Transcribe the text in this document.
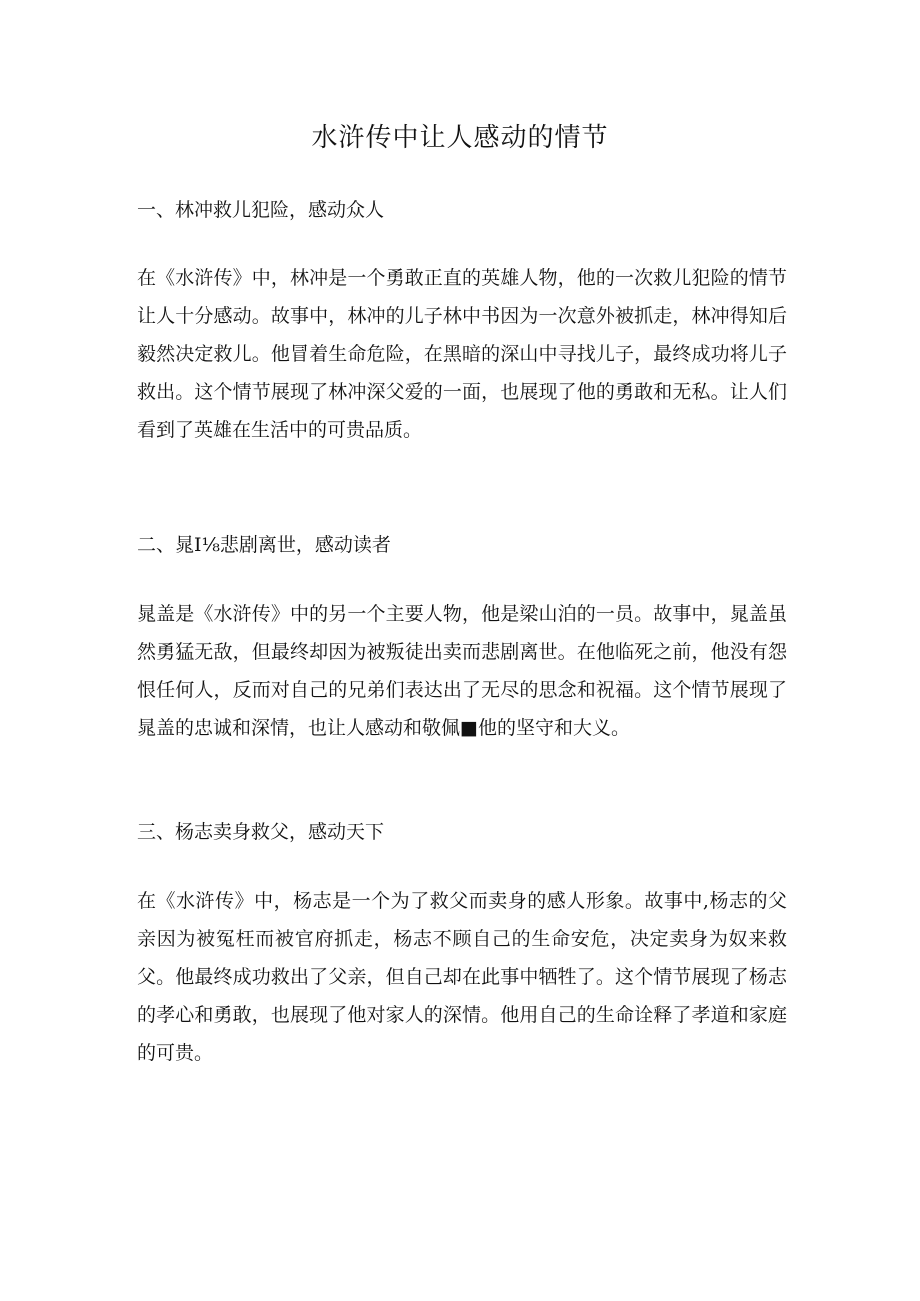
水浒传中让人感动的情节
一、林冲救儿犯险，感动众人

在《水浒传》中，林冲是一个勇敢正直的英雄人物，他的一次救儿犯险的情节让人十分感动。故事中，林冲的儿子林中书因为一次意外被抓走，林冲得知后毅然决定救儿。他冒着生命危险，在黑暗的深山中寻找儿子，最终成功将儿子救出。这个情节展现了林冲深父爱的一面，也展现了他的勇敢和无私。让人们看到了英雄在生活中的可贵品质。

二、晁I⅛悲剧离世，感动读者

晁盖是《水浒传》中的另一个主要人物，他是梁山泊的一员。故事中，晁盖虽然勇猛无敌，但最终却因为被叛徒出卖而悲剧离世。在他临死之前，他没有怨恨任何人，反而对自己的兄弟们表达出了无尽的思念和祝福。这个情节展现了晁盖的忠诚和深情，也让人感动和敬佩■他的坚守和大义。

三、杨志卖身救父，感动天下

在《水浒传》中，杨志是一个为了救父而卖身的感人形象。故事中,杨志的父亲因为被冤枉而被官府抓走，杨志不顾自己的生命安危，决定卖身为奴来救父。他最终成功救出了父亲，但自己却在此事中牺牲了。这个情节展现了杨志的孝心和勇敢，也展现了他对家人的深情。他用自己的生命诠释了孝道和家庭的可贵。
